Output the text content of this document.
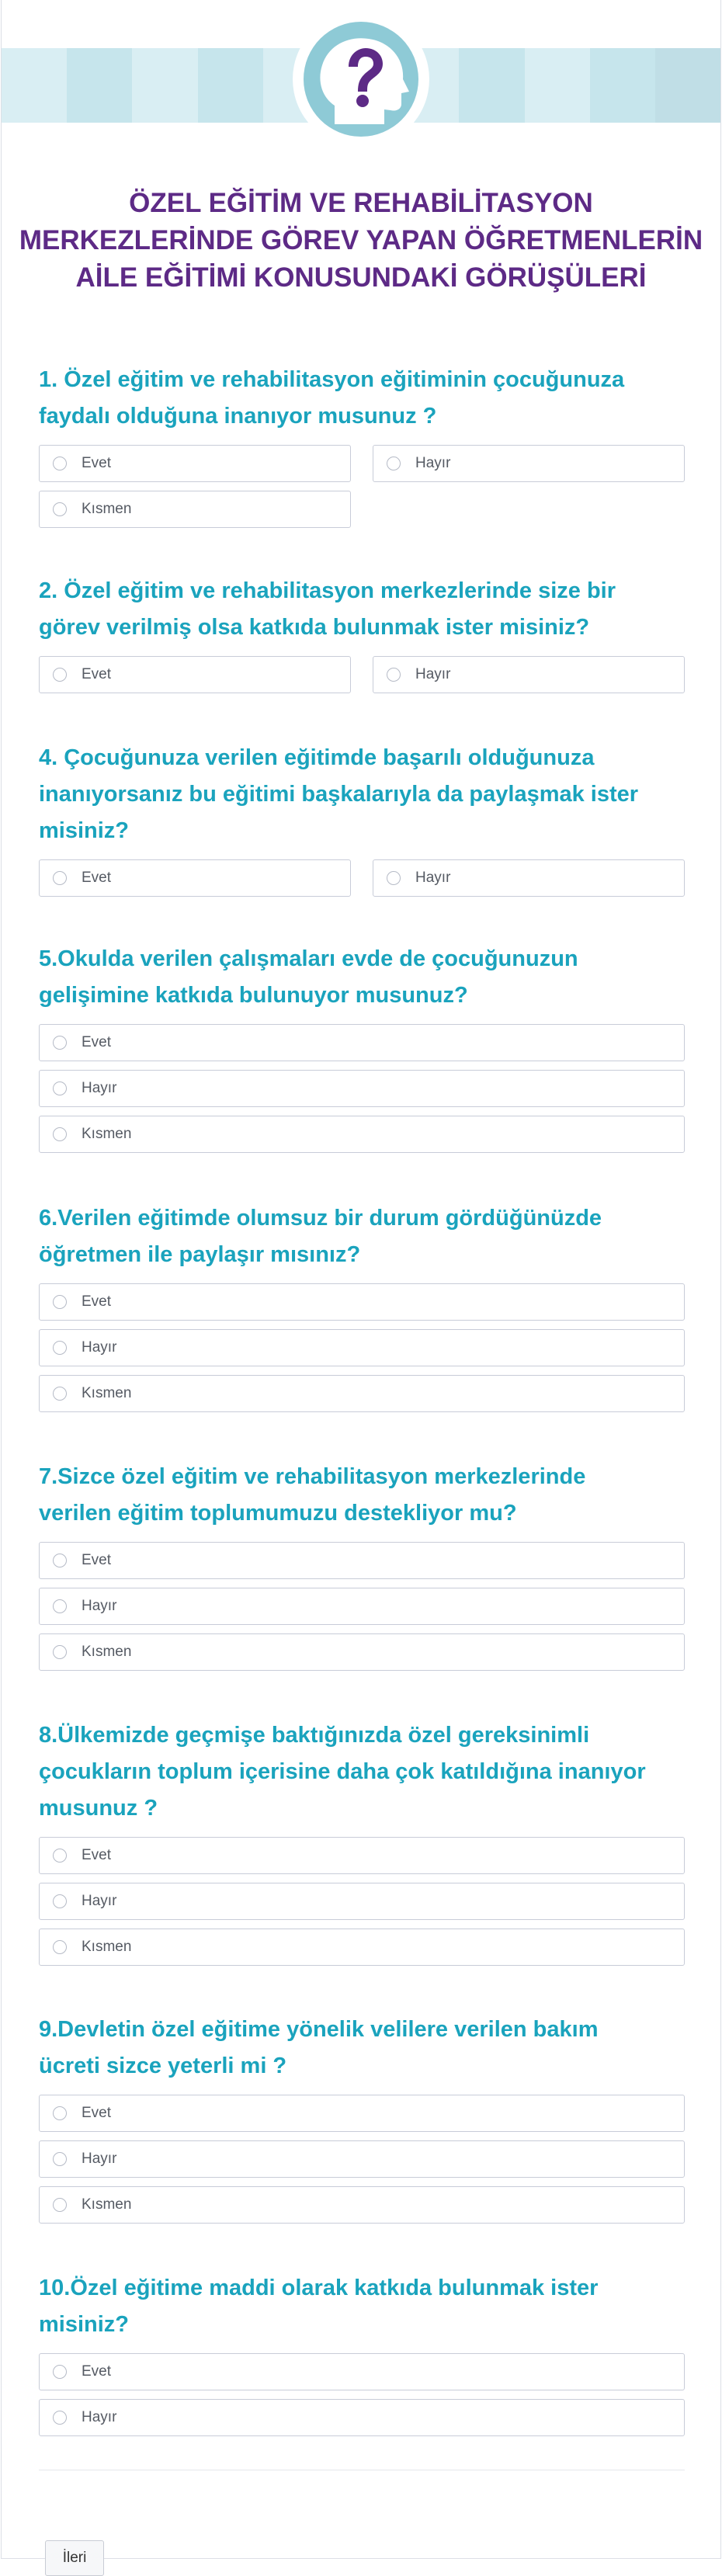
ÖZEL EĞİTİM VE REHABİLİTASYON
MERKEZLERİNDE GÖREV YAPAN ÖĞRETMENLERİN
AİLE EĞİTİMİ KONUSUNDAKİ GÖRÜŞÜLERİ
1. Özel eğitim ve rehabilitasyon eğitiminin çocuğunuza
faydalı olduğuna inanıyor musunuz ?
Evet	Hayır
Kısmen
2. Özel eğitim ve rehabilitasyon merkezlerinde size bir
görev verilmiş olsa katkıda bulunmak ister misiniz?
Evet	Hayır
4. Çocuğunuza verilen eğitimde başarılı olduğunuza
inanıyorsanız bu eğitimi başkalarıyla da paylaşmak ister
misiniz?
Evet	Hayır
5.Okulda verilen çalışmaları evde de çocuğunuzun
gelişimine katkıda bulunuyor musunuz?
Evet
Hayır
Kısmen
6.Verilen eğitimde olumsuz bir durum gördüğünüzde
öğretmen ile paylaşır mısınız?
Evet
Hayır
Kısmen
7.Sizce özel eğitim ve rehabilitasyon merkezlerinde
verilen eğitim toplumumuzu destekliyor mu?
Evet
Hayır
Kısmen
8.Ülkemizde geçmişe baktığınızda özel gereksinimli
çocukların toplum içerisine daha çok katıldığına inanıyor
musunuz ?
Evet
Hayır
Kısmen
9.Devletin özel eğitime yönelik velilere verilen bakım
ücreti sizce yeterli mi ?
Evet
Hayır
Kısmen
10.Özel eğitime maddi olarak katkıda bulunmak ister
misiniz?
Evet
Hayır
İleri
